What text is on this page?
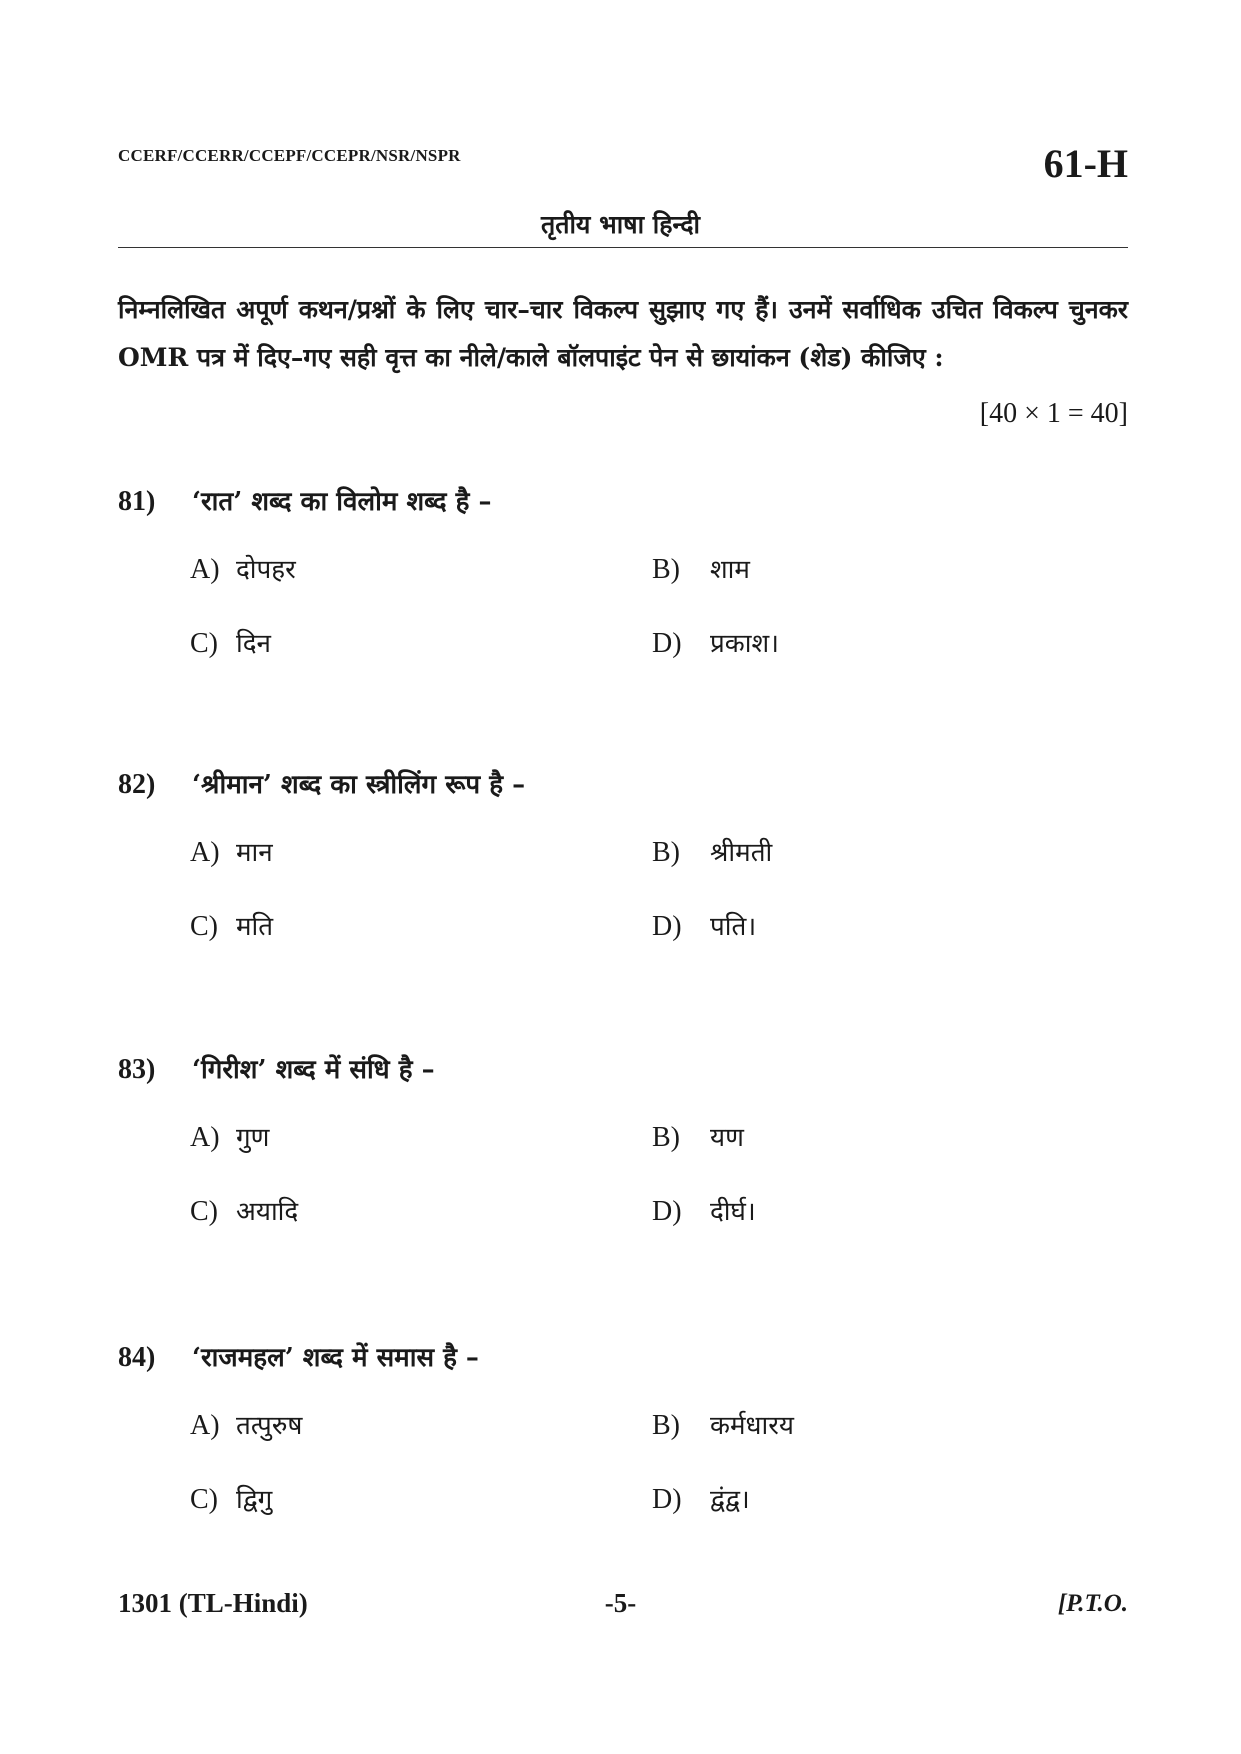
CCERF/CCERR/CCEPF/CCEPR/NSR/NSPR	61-H
तृतीय भाषा हिन्दी
निम्नलिखित अपूर्ण कथन/प्रश्नों के लिए चार–चार विकल्प सुझाए गए हैं। उनमें सर्वाधिक उचित विकल्प चुनकर OMR पत्र में दिए–गए सही वृत्त का नीले/काले बॉलपाइंट पेन से छायांकन (शेड) कीजिए :
[40 × 1 = 40]
81) ‘रात’ शब्द का विलोम शब्द है –
A) दोपहर	B) शाम
C) दिन	D) प्रकाश।
82) ‘श्रीमान’ शब्द का स्त्रीलिंग रूप है –
A) मान	B) श्रीमती
C) मति	D) पति।
83) ‘गिरीश’ शब्द में संधि है –
A) गुण	B) यण
C) अयादि	D) दीर्घ।
84) ‘राजमहल’ शब्द में समास है –
A) तत्पुरुष	B) कर्मधारय
C) द्विगु	D) द्वंद्व।
1301 (TL-Hindi)	-5-	[P.T.O.
